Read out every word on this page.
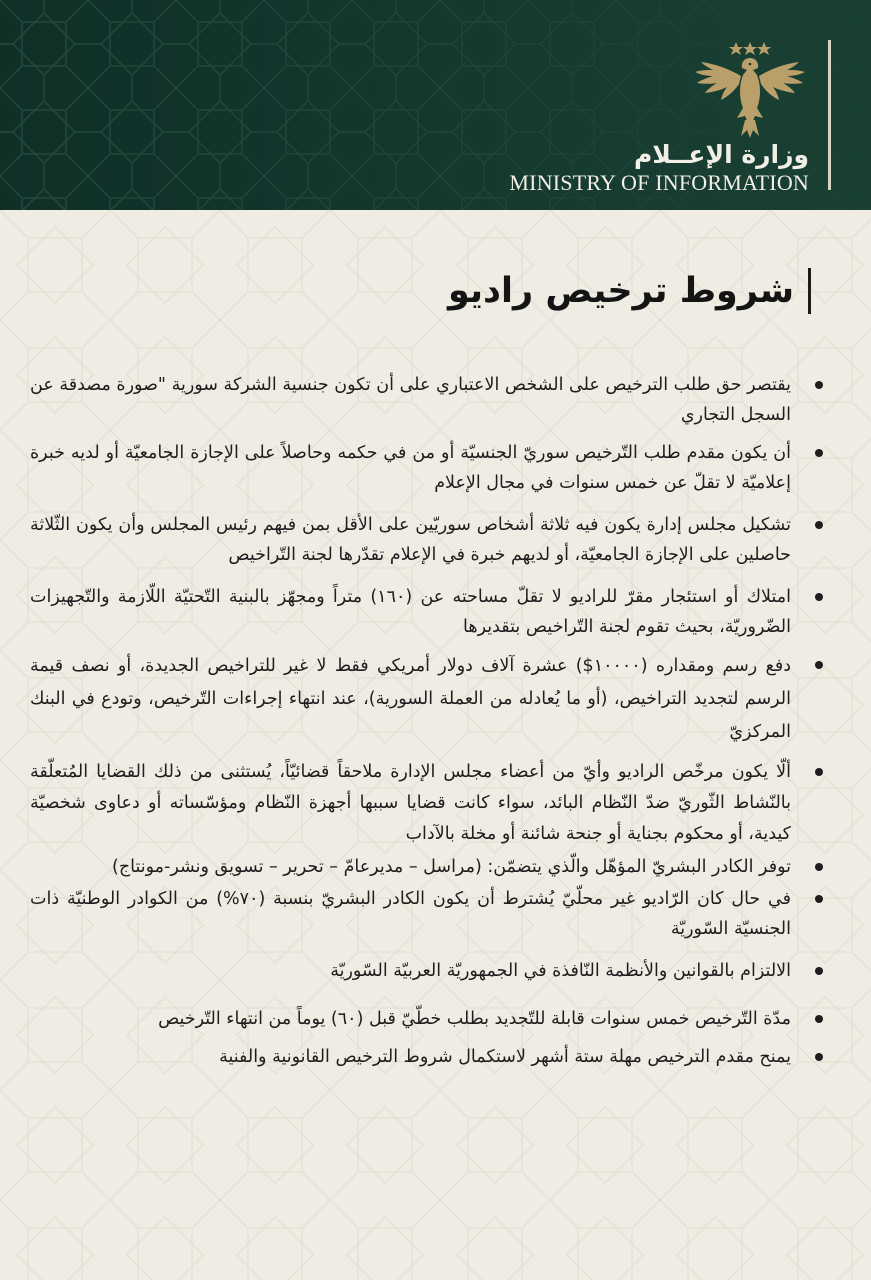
وزارة الإعــلام
MINISTRY OF INFORMATION
شروط ترخيص راديو
يقتصر حق طلب الترخيص على الشخص الاعتباري على أن تكون جنسية الشركة سورية "صورة مصدقة عن السجل التجاري
أن يكون مقدم طلب التّرخيص سوريّ الجنسيّة أو من في حكمه وحاصلاً على الإجازة الجامعيّة أو لديه خبرة إعلاميّة لا تقلّ عن خمس سنوات في مجال الإعلام
تشكيل مجلس إدارة يكون فيه ثلاثة أشخاص سوريّين على الأقل بمن فيهم رئيس المجلس وأن يكون الثّلاثة حاصلين على الإجازة الجامعيّة، أو لديهم خبرة في الإعلام تقدّرها لجنة التّراخيص
امتلاك أو استئجار مقرّ للراديو لا تقلّ مساحته عن (١٦٠) متراً ومجهّز بالبنية التّحتيّة اللّازمة والتّجهيزات الضّروريّة، بحيث تقوم لجنة التّراخيص بتقديرها
دفع رسم ومقداره (١٠٠٠٠$) عشرة آلاف دولار أمريكي فقط لا غير للتراخيص الجديدة، أو نصف قيمة الرسم لتجديد التراخيص، (أو ما يُعادله من العملة السورية)، عند انتهاء إجراءات التّرخيص، وتودع في البنك المركزيّ
ألّا يكون مرخّص الراديو وأيّ من أعضاء مجلس الإدارة ملاحقاً قضائيّاً، يُستثنى من ذلك القضايا المُتعلّقة بالنّشاط الثّوريّ ضدّ النّظام البائد، سواء كانت قضايا سببها أجهزة النّظام ومؤسّساته أو دعاوى شخصيّة كيدية، أو محكوم بجناية أو جنحة شائنة أو مخلة بالآداب
توفر الكادر البشريّ المؤهّل والّذي يتضمّن: (مراسل – مديرعامّ – تحرير – تسويق ونشر-مونتاج)
في حال كان الرّاديو غير محلّيّ يُشترط أن يكون الكادر البشريّ بنسبة (٧٠%) من الكوادر الوطنيّة ذات الجنسيّة السّوريّة
الالتزام بالقوانين والأنظمة النّافذة في الجمهوريّة العربيّة السّوريّة
مدّة التّرخيص خمس سنوات قابلة للتّجديد بطلب خطّيّ قبل (٦٠) يوماً من انتهاء التّرخيص
يمنح مقدم الترخيص مهلة ستة أشهر لاستكمال شروط الترخيص القانونية والفنية
